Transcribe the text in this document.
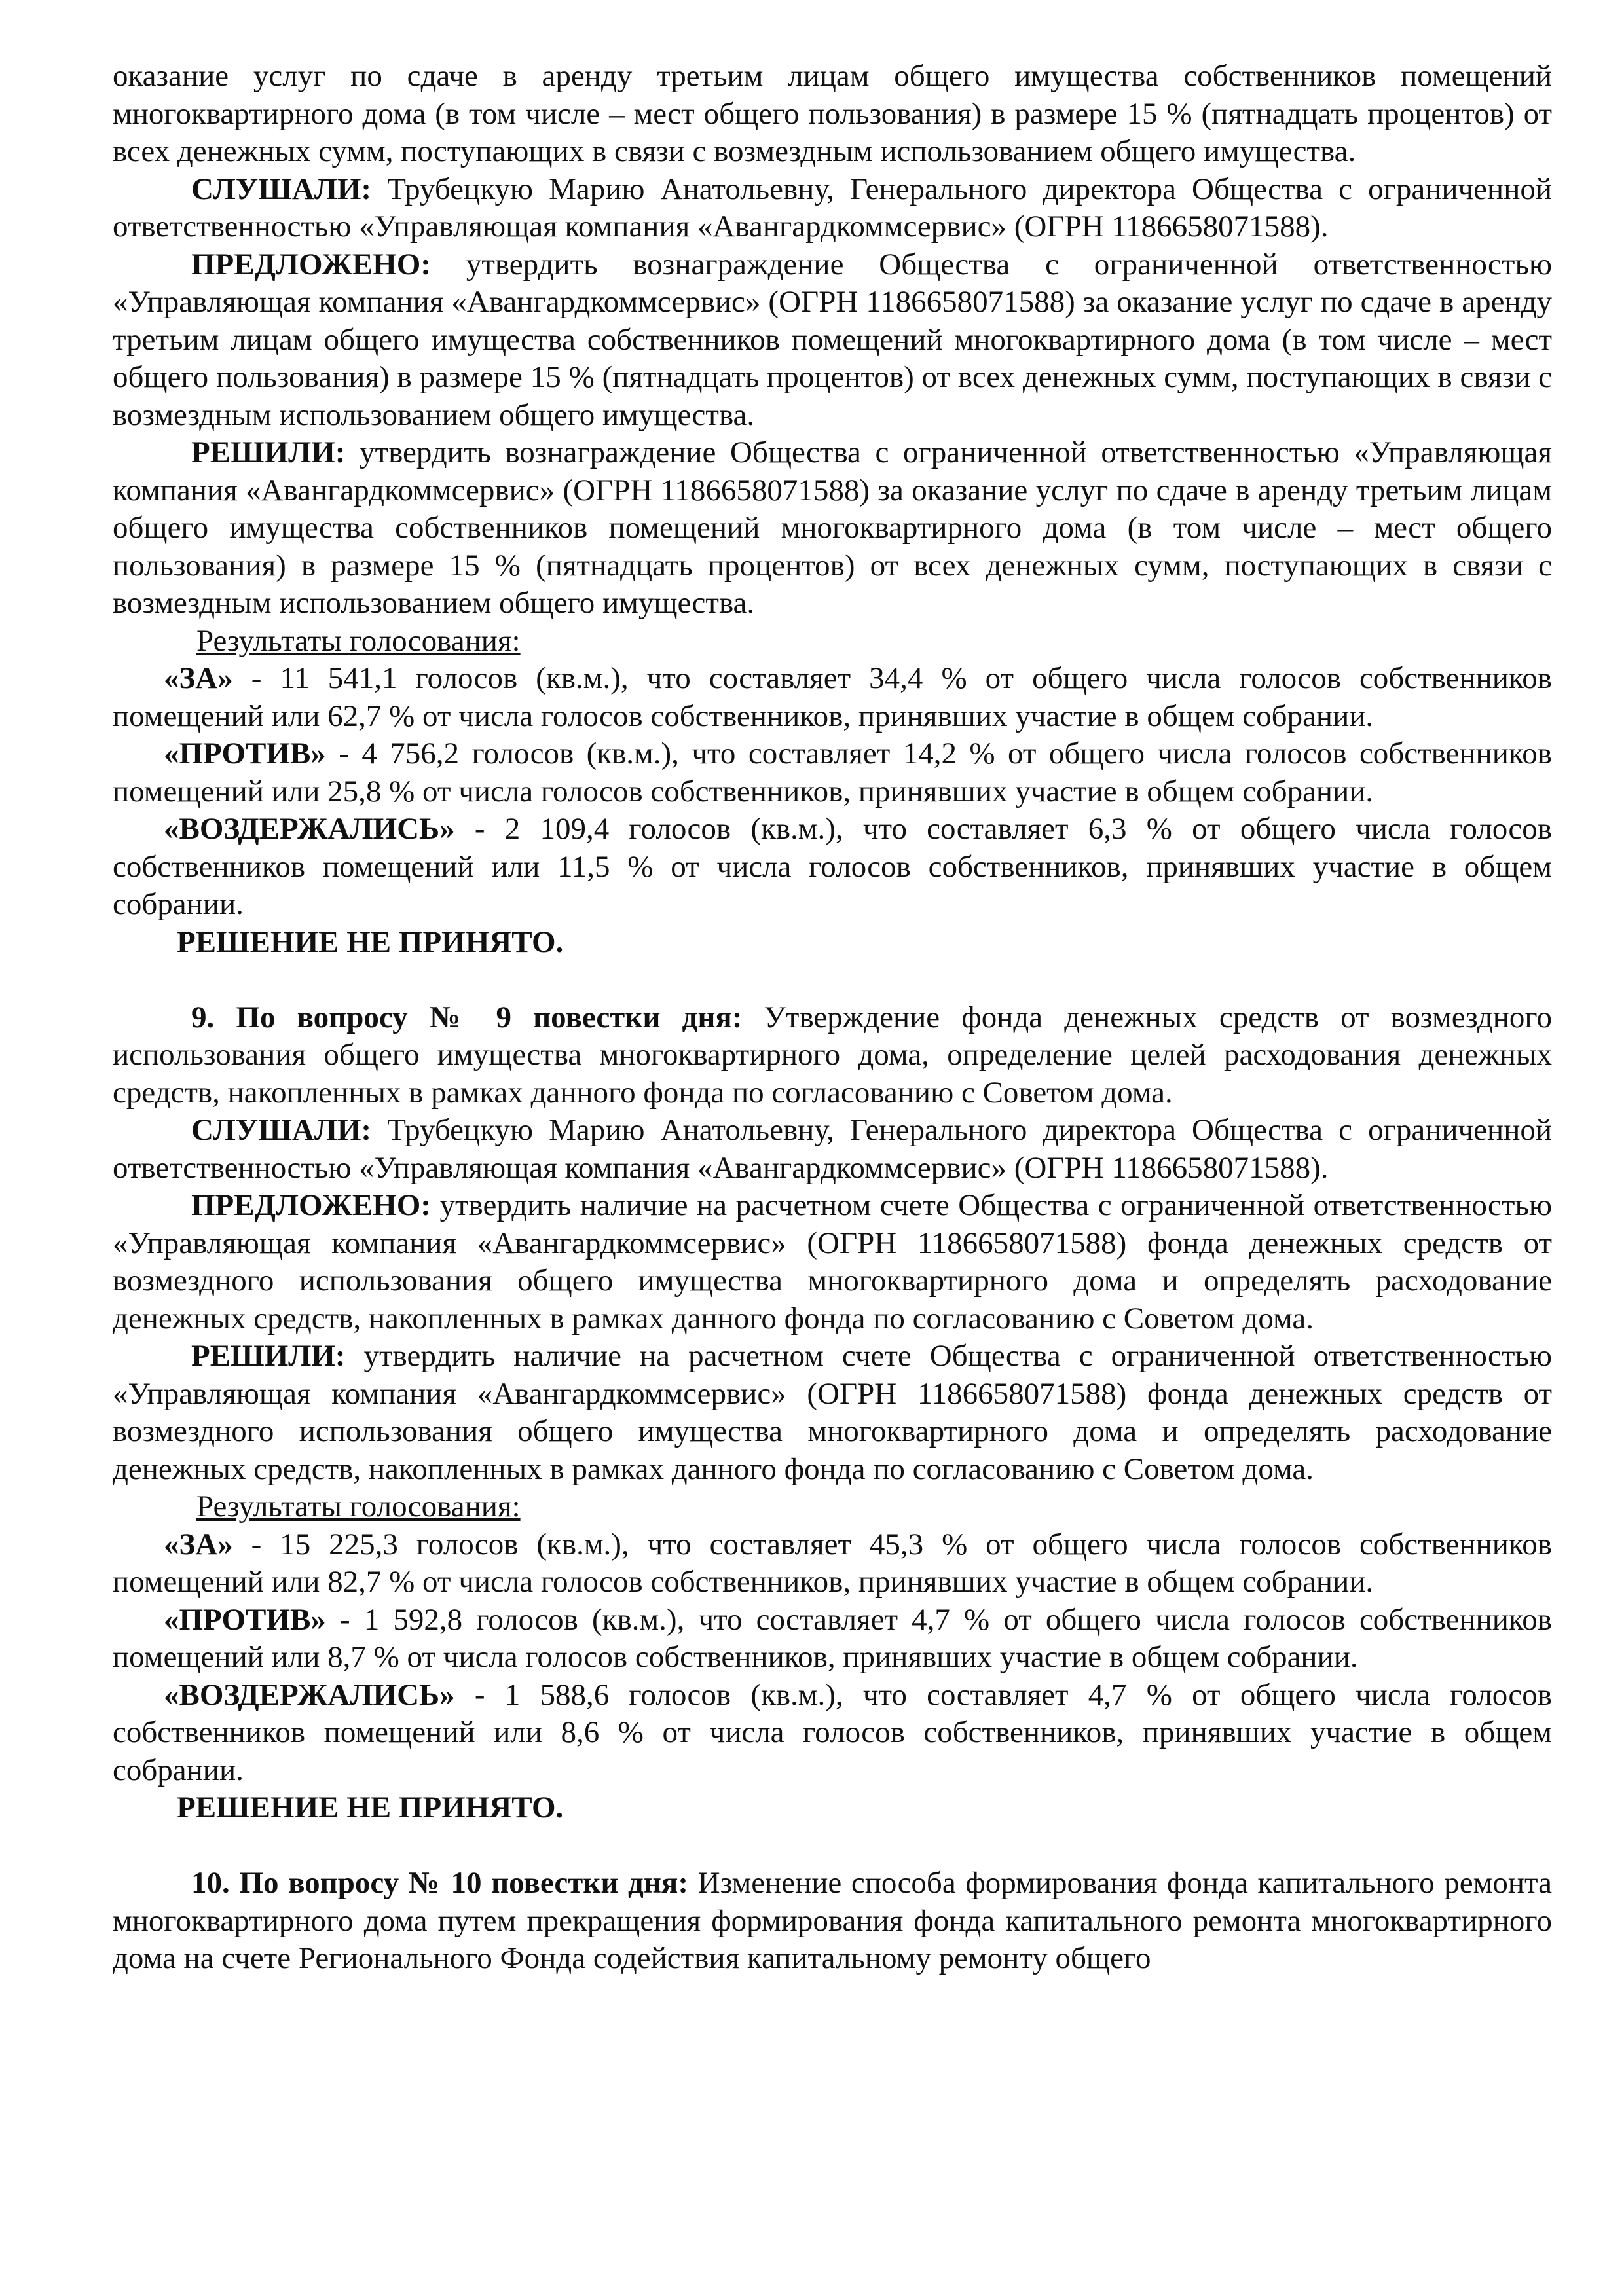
оказание услуг по сдаче в аренду третьим лицам общего имущества собственников помещений многоквартирного дома (в том числе – мест общего пользования) в размере 15 % (пятнадцать процентов) от всех денежных сумм, поступающих в связи с возмездным использованием общего имущества.

СЛУШАЛИ: Трубецкую Марию Анатольевну, Генерального директора Общества с ограниченной ответственностью «Управляющая компания «Авангардкоммсервис» (ОГРН 1186658071588).

ПРЕДЛОЖЕНО: утвердить вознаграждение Общества с ограниченной ответственностью «Управляющая компания «Авангардкоммсервис» (ОГРН 1186658071588) за оказание услуг по сдаче в аренду третьим лицам общего имущества собственников помещений многоквартирного дома (в том числе – мест общего пользования) в размере 15 % (пятнадцать процентов) от всех денежных сумм, поступающих в связи с возмездным использованием общего имущества.

РЕШИЛИ: утвердить вознаграждение Общества с ограниченной ответственностью «Управляющая компания «Авангардкоммсервис» (ОГРН 1186658071588) за оказание услуг по сдаче в аренду третьим лицам общего имущества собственников помещений многоквартирного дома (в том числе – мест общего пользования) в размере 15 % (пятнадцать процентов) от всех денежных сумм, поступающих в связи с возмездным использованием общего имущества.

Результаты голосования:

«ЗА» - 11 541,1 голосов (кв.м.), что составляет 34,4 % от общего числа голосов собственников помещений или 62,7 % от числа голосов собственников, принявших участие в общем собрании.

«ПРОТИВ» - 4 756,2 голосов (кв.м.), что составляет 14,2 % от общего числа голосов собственников помещений или 25,8 % от числа голосов собственников, принявших участие в общем собрании.

«ВОЗДЕРЖАЛИСЬ» - 2 109,4 голосов (кв.м.), что составляет 6,3 % от общего числа голосов собственников помещений или 11,5 % от числа голосов собственников, принявших участие в общем собрании.

РЕШЕНИЕ НЕ ПРИНЯТО.

9. По вопросу № 9 повестки дня: Утверждение фонда денежных средств от возмездного использования общего имущества многоквартирного дома, определение целей расходования денежных средств, накопленных в рамках данного фонда по согласованию с Советом дома.

СЛУШАЛИ: Трубецкую Марию Анатольевну, Генерального директора Общества с ограниченной ответственностью «Управляющая компания «Авангардкоммсервис» (ОГРН 1186658071588).

ПРЕДЛОЖЕНО: утвердить наличие на расчетном счете Общества с ограниченной ответственностью «Управляющая компания «Авангардкоммсервис» (ОГРН 1186658071588) фонда денежных средств от возмездного использования общего имущества многоквартирного дома и определять расходование денежных средств, накопленных в рамках данного фонда по согласованию с Советом дома.

РЕШИЛИ: утвердить наличие на расчетном счете Общества с ограниченной ответственностью «Управляющая компания «Авангардкоммсервис» (ОГРН 1186658071588) фонда денежных средств от возмездного использования общего имущества многоквартирного дома и определять расходование денежных средств, накопленных в рамках данного фонда по согласованию с Советом дома.

Результаты голосования:

«ЗА» - 15 225,3 голосов (кв.м.), что составляет 45,3 % от общего числа голосов собственников помещений или 82,7 % от числа голосов собственников, принявших участие в общем собрании.

«ПРОТИВ» - 1 592,8 голосов (кв.м.), что составляет 4,7 % от общего числа голосов собственников помещений или 8,7 % от числа голосов собственников, принявших участие в общем собрании.

«ВОЗДЕРЖАЛИСЬ» - 1 588,6 голосов (кв.м.), что составляет 4,7 % от общего числа голосов собственников помещений или 8,6 % от числа голосов собственников, принявших участие в общем собрании.

РЕШЕНИЕ НЕ ПРИНЯТО.

10. По вопросу № 10 повестки дня: Изменение способа формирования фонда капитального ремонта многоквартирного дома путем прекращения формирования фонда капитального ремонта многоквартирного дома на счете Регионального Фонда содействия капитальному ремонту общего
